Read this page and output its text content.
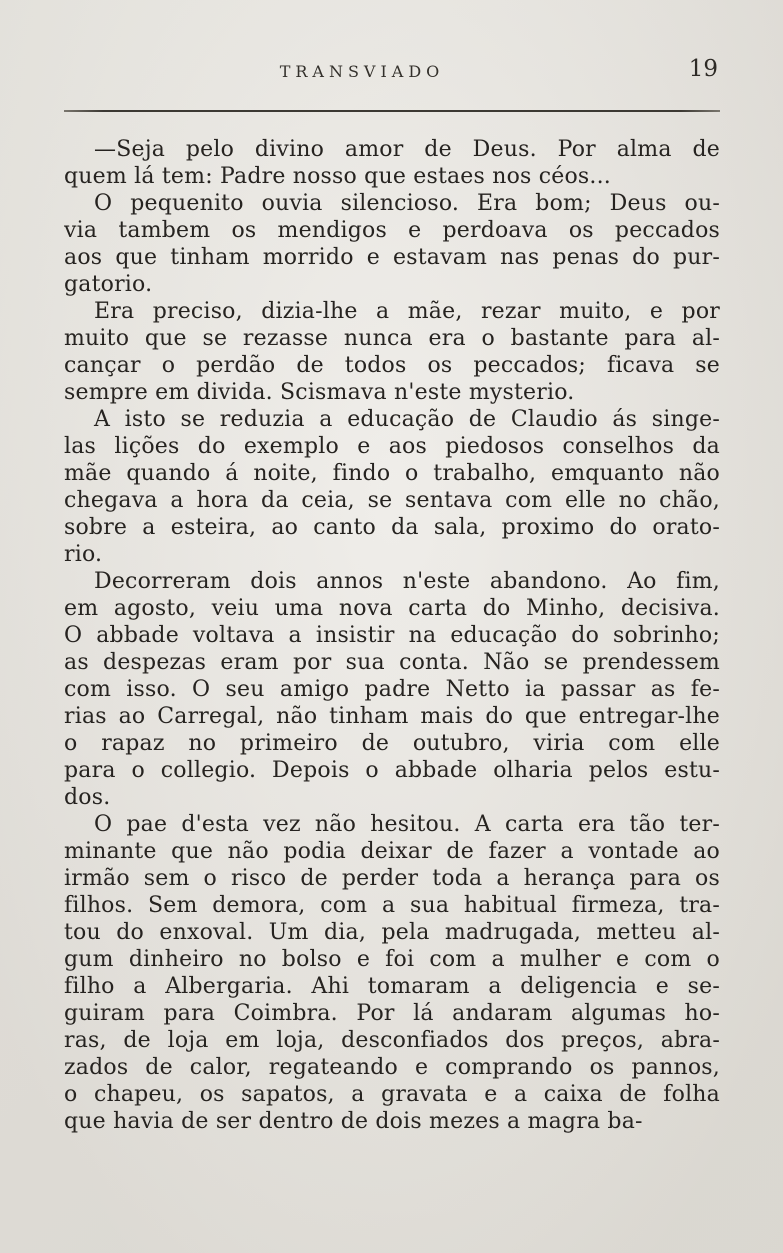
TRANSVIADO	19
—Seja pelo divino amor de Deus. Por alma de
quem lá tem: Padre nosso que estaes nos céos...
O pequenito ouvia silencioso. Era bom; Deus ou-
via tambem os mendigos e perdoava os peccados
aos que tinham morrido e estavam nas penas do pur-
gatorio.
Era preciso, dizia-lhe a mãe, rezar muito, e por
muito que se rezasse nunca era o bastante para al-
cançar o perdão de todos os peccados; ficava se
sempre em divida. Scismava n'este mysterio.
A isto se reduzia a educação de Claudio ás singe-
las lições do exemplo e aos piedosos conselhos da
mãe quando á noite, findo o trabalho, emquanto não
chegava a hora da ceia, se sentava com elle no chão,
sobre a esteira, ao canto da sala, proximo do orato-
rio.
Decorreram dois annos n'este abandono. Ao fim,
em agosto, veiu uma nova carta do Minho, decisiva.
O abbade voltava a insistir na educação do sobrinho;
as despezas eram por sua conta. Não se prendessem
com isso. O seu amigo padre Netto ia passar as fe-
rias ao Carregal, não tinham mais do que entregar-lhe
o rapaz no primeiro de outubro, viria com elle
para o collegio. Depois o abbade olharia pelos estu-
dos.
O pae d'esta vez não hesitou. A carta era tão ter-
minante que não podia deixar de fazer a vontade ao
irmão sem o risco de perder toda a herança para os
filhos. Sem demora, com a sua habitual firmeza, tra-
tou do enxoval. Um dia, pela madrugada, metteu al-
gum dinheiro no bolso e foi com a mulher e com o
filho a Albergaria. Ahi tomaram a deligencia e se-
guiram para Coimbra. Por lá andaram algumas ho-
ras, de loja em loja, desconfiados dos preços, abra-
zados de calor, regateando e comprando os pannos,
o chapeu, os sapatos, a gravata e a caixa de folha
que havia de ser dentro de dois mezes a magra ba-
